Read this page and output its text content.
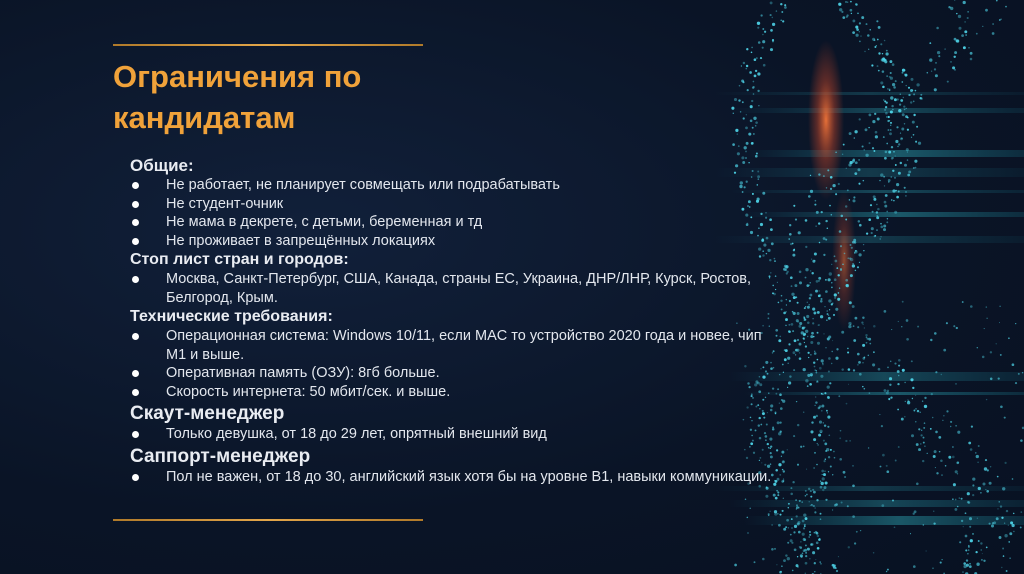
Ограничения по кандидатам

Общие:

Не работает, не планирует совмещать или подрабатывать
Не студент-очник
Не мама в декрете, с детьми, беременная и тд
Не проживает в запрещённых локациях

Стоп лист стран и городов:

Москва, Санкт-Петербург, США, Канада, страны ЕС, Украина, ДНР/ЛНР, Курск, Ростов, Белгород, Крым.

Технические требования:

Операционная система: Windows 10/11, если MAC то устройство 2020 года и новее, чип М1 и выше.
Оперативная память (ОЗУ): 8гб больше.
Скорость интернета: 50 мбит/сек. и выше.

Скаут-менеджер

Только девушка, от 18 до 29 лет, опрятный внешний вид

Саппорт-менеджер

Пол не важен, от 18 до 30, английский язык хотя бы на уровне В1, навыки коммуникации.
